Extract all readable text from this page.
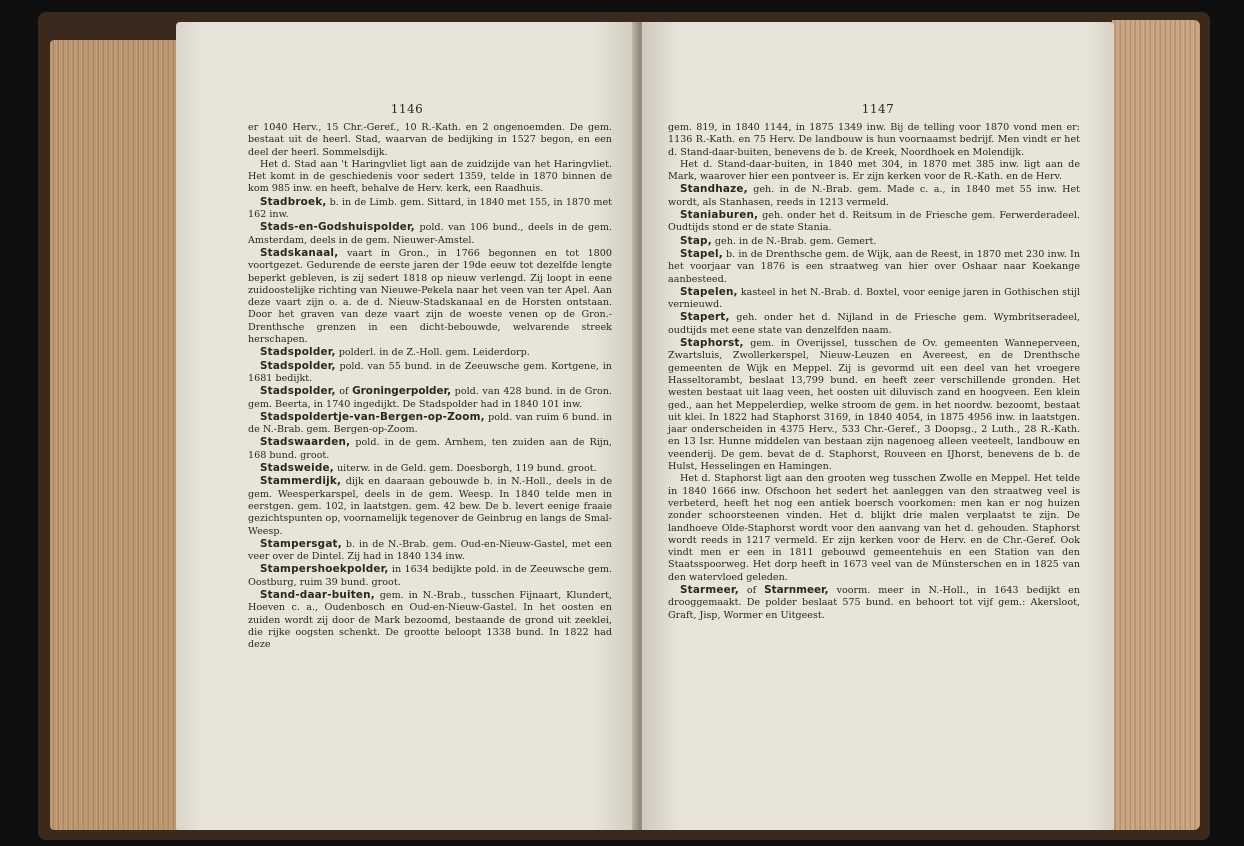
1146

er 1040 Herv., 15 Chr.-Geref., 10 R.-Kath. en 2 ongenoemden. De gem. bestaat uit de heerl. Stad, waarvan de bedijking in 1527 begon, en een deel der heerl. Sommelsdijk.

Het d. Stad aan 't Haringvliet ligt aan de zuidzijde van het Haringvliet. Het komt in de geschiedenis voor sedert 1359, telde in 1870 binnen de kom 985 inw. en heeft, behalve de Herv. kerk, een Raadhuis.

Stadbroek, b. in de Limb. gem. Sittard, in 1840 met 155, in 1870 met 162 inw.

Stads-en-Godshuispolder, pold. van 106 bund., deels in de gem. Amsterdam, deels in de gem. Nieuwer-Amstel.

Stadskanaal, vaart in Gron., in 1766 begonnen en tot 1800 voortgezet. Gedurende de eerste jaren der 19de eeuw tot dezelfde lengte beperkt gebleven, is zij sedert 1818 op nieuw verlengd. Zij loopt in eene zuidoostelijke richting van Nieuwe-Pekela naar het veen van ter Apel. Aan deze vaart zijn o. a. de d. Nieuw-Stadskanaal en de Horsten ontstaan. Door het graven van deze vaart zijn de woeste venen op de Gron.-Drenthsche grenzen in een dicht-bebouwde, welvarende streek herschapen.

Stadspolder, polderl. in de Z.-Holl. gem. Leiderdorp.

Stadspolder, pold. van 55 bund. in de Zeeuwsche gem. Kortgene, in 1681 bedijkt.

Stadspolder, of Groningerpolder, pold. van 428 bund. in de Gron. gem. Beerta, in 1740 ingedijkt. De Stadspolder had in 1840 101 inw.

Stadspoldertje-van-Bergen-op-Zoom, pold. van ruim 6 bund. in de N.-Brab. gem. Bergen-op-Zoom.

Stadswaarden, pold. in de gem. Arnhem, ten zuiden aan de Rijn, 168 bund. groot.

Stadsweide, uiterw. in de Geld. gem. Doesborgh, 119 bund. groot.

Stammerdijk, dijk en daaraan gebouwde b. in N.-Holl., deels in de gem. Weesperkarspel, deels in de gem. Weesp. In 1840 telde men in eerstgen. gem. 102, in laatstgen. gem. 42 bew. De b. levert eenige fraaie gezichtspunten op, voornamelijk tegenover de Geinbrug en langs de Smal-Weesp.

Stampersgat, b. in de N.-Brab. gem. Oud-en-Nieuw-Gastel, met een veer over de Dintel. Zij had in 1840 134 inw.

Stampershoekpolder, in 1634 bedijkte pold. in de Zeeuwsche gem. Oostburg, ruim 39 bund. groot.

Stand-daar-buiten, gem. in N.-Brab., tusschen Fijnaart, Klundert, Hoeven c. a., Oudenbosch en Oud-en-Nieuw-Gastel. In het oosten en zuiden wordt zij door de Mark bezoomd, bestaande de grond uit zeeklei, die rijke oogsten schenkt. De grootte beloopt 1338 bund. In 1822 had deze

1147

gem. 819, in 1840 1144, in 1875 1349 inw. Bij de telling voor 1870 vond men er: 1136 R.-Kath. en 75 Herv. De landbouw is hun voornaamst bedrijf. Men vindt er het d. Stand-daar-buiten, benevens de b. de Kreek, Noordhoek en Molendijk.

Het d. Stand-daar-buiten, in 1840 met 304, in 1870 met 385 inw. ligt aan de Mark, waarover hier een pontveer is. Er zijn kerken voor de R.-Kath. en de Herv.

Standhaze, geh. in de N.-Brab. gem. Made c. a., in 1840 met 55 inw. Het wordt, als Stanhasen, reeds in 1213 vermeld.

Staniaburen, geh. onder het d. Reitsum in de Friesche gem. Ferwerderadeel. Oudtijds stond er de state Stania.

Stap, geh. in de N.-Brab. gem. Gemert.

Stapel, b. in de Drenthsche gem. de Wijk, aan de Reest, in 1870 met 230 inw. In het voorjaar van 1876 is een straatweg van hier over Oshaar naar Koekange aanbesteed.

Stapelen, kasteel in het N.-Brab. d. Boxtel, voor eenige jaren in Gothischen stijl vernieuwd.

Stapert, geh. onder het d. Nijland in de Friesche gem. Wymbritseradeel, oudtijds met eene state van denzelfden naam.

Staphorst, gem. in Overijssel, tusschen de Ov. gemeenten Wanneperveen, Zwartsluis, Zwollerkerspel, Nieuw-Leuzen en Avereest, en de Drenthsche gemeenten de Wijk en Meppel. Zij is gevormd uit een deel van het vroegere Hasseltorambt, beslaat 13,799 bund. en heeft zeer verschillende gronden. Het westen bestaat uit laag veen, het oosten uit diluvisch zand en hoogveen. Een klein ged., aan het Meppelerdiep, welke stroom de gem. in het noordw. bezoomt, bestaat uit klei. In 1822 had Staphorst 3169, in 1840 4054, in 1875 4956 inw. in laatstgen. jaar onderscheiden in 4375 Herv., 533 Chr.-Geref., 3 Doopsg., 2 Luth., 28 R.-Kath. en 13 Isr. Hunne middelen van bestaan zijn nagenoeg alleen veeteelt, landbouw en veenderij. De gem. bevat de d. Staphorst, Rouveen en IJhorst, benevens de b. de Hulst, Hesselingen en Hamingen.

Het d. Staphorst ligt aan den grooten weg tusschen Zwolle en Meppel. Het telde in 1840 1666 inw. Ofschoon het sedert het aanleggen van den straatweg veel is verbeterd, heeft het nog een antiek boersch voorkomen: men kan er nog huizen zonder schoorsteenen vinden. Het d. blijkt drie malen verplaatst te zijn. De landhoeve Olde-Staphorst wordt voor den aanvang van het d. gehouden. Staphorst wordt reeds in 1217 vermeld. Er zijn kerken voor de Herv. en de Chr.-Geref. Ook vindt men er een in 1811 gebouwd gemeentehuis en een Station van den Staatsspoorweg. Het dorp heeft in 1673 veel van de Münsterschen en in 1825 van den watervloed geleden.

Starmeer, of Starnmeer, voorm. meer in N.-Holl., in 1643 bedijkt en drooggemaakt. De polder beslaat 575 bund. en behoort tot vijf gem.: Akersloot, Graft, Jisp, Wormer en Uitgeest.
